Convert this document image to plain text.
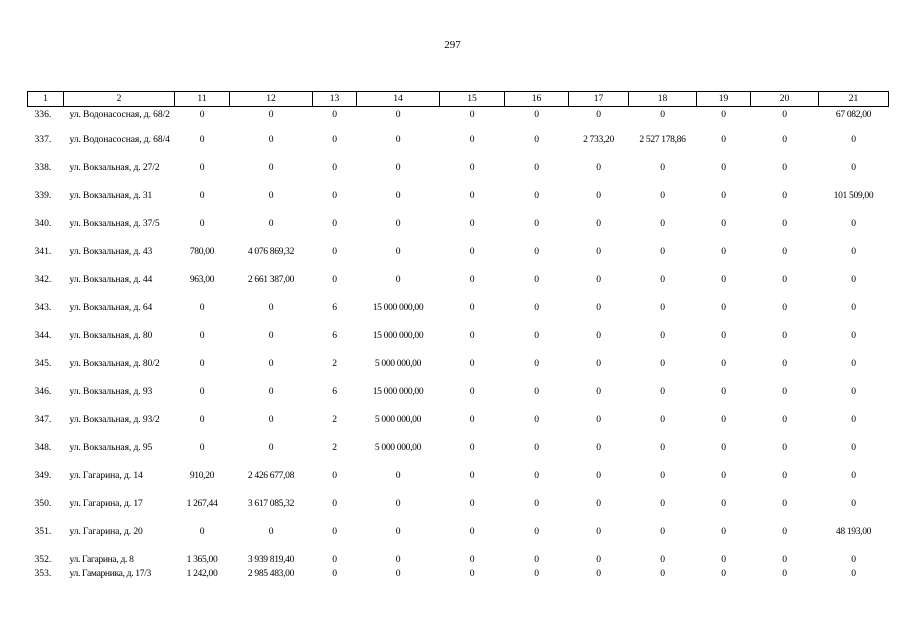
297
1	2	11	12	13	14	15	16	17	18	19	20	21
336.	ул. Водонасосная, д. 68/2	0	0	0	0	0	0	0	0	0	0	67 082,00
337.	ул. Водонасосная, д. 68/4	0	0	0	0	0	0	2 733,20	2 527 178,86	0	0	0
338.	ул. Вокзальная, д. 27/2	0	0	0	0	0	0	0	0	0	0	0
339.	ул. Вокзальная, д. 31	0	0	0	0	0	0	0	0	0	0	101 509,00
340.	ул. Вокзальная, д. 37/5	0	0	0	0	0	0	0	0	0	0	0
341.	ул. Вокзальная, д. 43	780,00	4 076 869,32	0	0	0	0	0	0	0	0	0
342.	ул. Вокзальная, д. 44	963,00	2 661 387,00	0	0	0	0	0	0	0	0	0
343.	ул. Вокзальная, д. 64	0	0	6	15 000 000,00	0	0	0	0	0	0	0
344.	ул. Вокзальная, д. 80	0	0	6	15 000 000,00	0	0	0	0	0	0	0
345.	ул. Вокзальная, д. 80/2	0	0	2	5 000 000,00	0	0	0	0	0	0	0
346.	ул. Вокзальная, д. 93	0	0	6	15 000 000,00	0	0	0	0	0	0	0
347.	ул. Вокзальная, д. 93/2	0	0	2	5 000 000,00	0	0	0	0	0	0	0
348.	ул. Вокзальная, д. 95	0	0	2	5 000 000,00	0	0	0	0	0	0	0
349.	ул. Гагарина, д. 14	910,20	2 426 677,08	0	0	0	0	0	0	0	0	0
350.	ул. Гагарина, д. 17	1 267,44	3 617 085,32	0	0	0	0	0	0	0	0	0
351.	ул. Гагарина, д. 20	0	0	0	0	0	0	0	0	0	0	48 193,00
352.	ул. Гагарина, д. 8	1 365,00	3 939 819,40	0	0	0	0	0	0	0	0	0
353.	ул. Гамарника, д. 17/3	1 242,00	2 985 483,00	0	0	0	0	0	0	0	0	0
